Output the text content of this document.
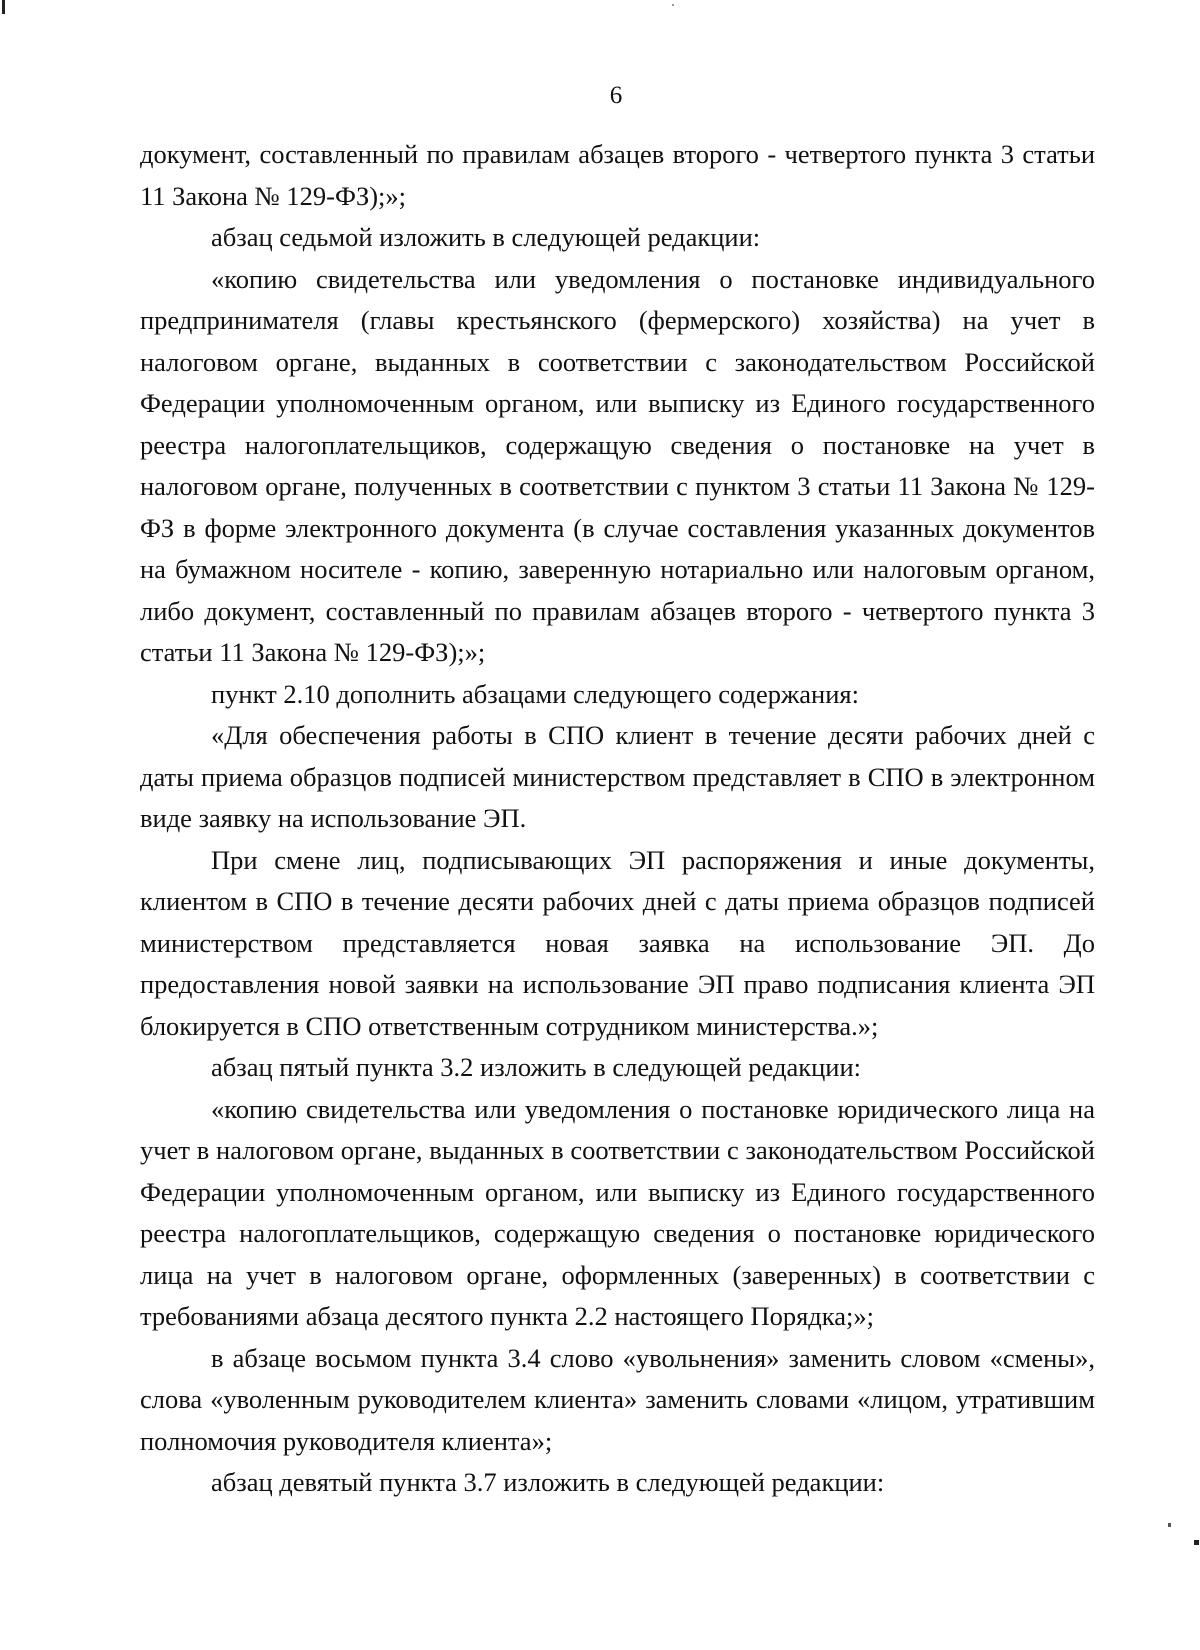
6

документ, составленный по правилам абзацев второго - четвертого пункта 3 статьи 11 Закона № 129-ФЗ);»;

абзац седьмой изложить в следующей редакции:

«копию свидетельства или уведомления о постановке индивидуального предпринимателя (главы крестьянского (фермерского) хозяйства) на учет в налоговом органе, выданных в соответствии с законодательством Российской Федерации уполномоченным органом, или выписку из Единого государственного реестра налогоплательщиков, содержащую сведения о постановке на учет в налоговом органе, полученных в соответствии с пунктом 3 статьи 11 Закона № 129-ФЗ в форме электронного документа (в случае составления указанных документов на бумажном носителе - копию, заверенную нотариально или налоговым органом, либо документ, составленный по правилам абзацев второго - четвертого пункта 3 статьи 11 Закона № 129-ФЗ);»;

пункт 2.10 дополнить абзацами следующего содержания:

«Для обеспечения работы в СПО клиент в течение десяти рабочих дней с даты приема образцов подписей министерством представляет в СПО в электронном виде заявку на использование ЭП.

При смене лиц, подписывающих ЭП распоряжения и иные документы, клиентом в СПО в течение десяти рабочих дней с даты приема образцов подписей министерством представляется новая заявка на использование ЭП. До предоставления новой заявки на использование ЭП право подписания клиента ЭП блокируется в СПО ответственным сотрудником министерства.»;

абзац пятый пункта 3.2 изложить в следующей редакции:

«копию свидетельства или уведомления о постановке юридического лица на учет в налоговом органе, выданных в соответствии с законодательством Российской Федерации уполномоченным органом, или выписку из Единого государственного реестра налогоплательщиков, содержащую сведения о постановке юридического лица на учет в налоговом органе, оформленных (заверенных) в соответствии с требованиями абзаца десятого пункта 2.2 настоящего Порядка;»;

в абзаце восьмом пункта 3.4 слово «увольнения» заменить словом «смены», слова «уволенным руководителем клиента» заменить словами «лицом, утратившим полномочия руководителя клиента»;

абзац девятый пункта 3.7 изложить в следующей редакции:
